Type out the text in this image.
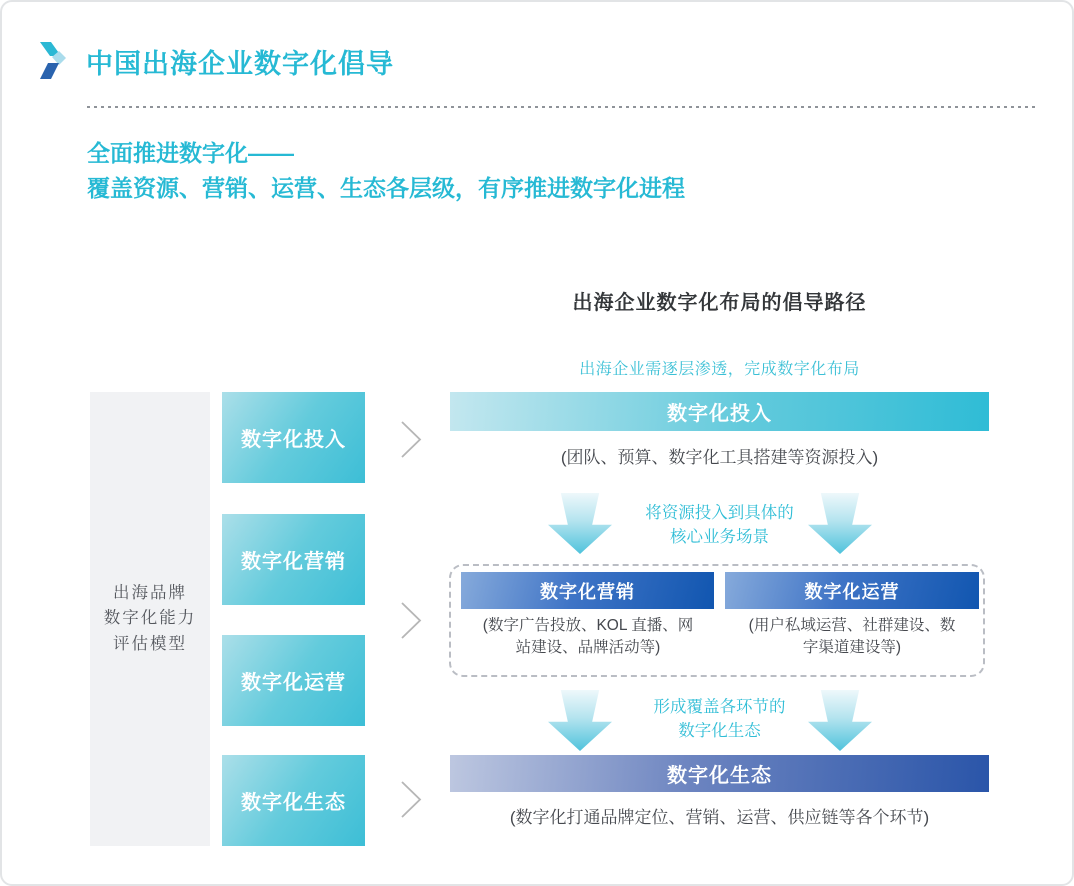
中国出海企业数字化倡导
全面推进数字化——
覆盖资源、营销、运营、生态各层级，有序推进数字化进程
出海企业数字化布局的倡导路径
出海企业需逐层渗透，完成数字化布局
出海品牌
数字化能力
评估模型
数字化投入
数字化营销
数字化运营
数字化生态
数字化投入
(团队、预算、数字化工具搭建等资源投入)
将资源投入到具体的
核心业务场景
数字化营销	数字化运营
(数字广告投放、KOL 直播、网
站建设、品牌活动等)
(用户私域运营、社群建设、数
字渠道建设等)
形成覆盖各环节的
数字化生态
数字化生态
(数字化打通品牌定位、营销、运营、供应链等各个环节)
